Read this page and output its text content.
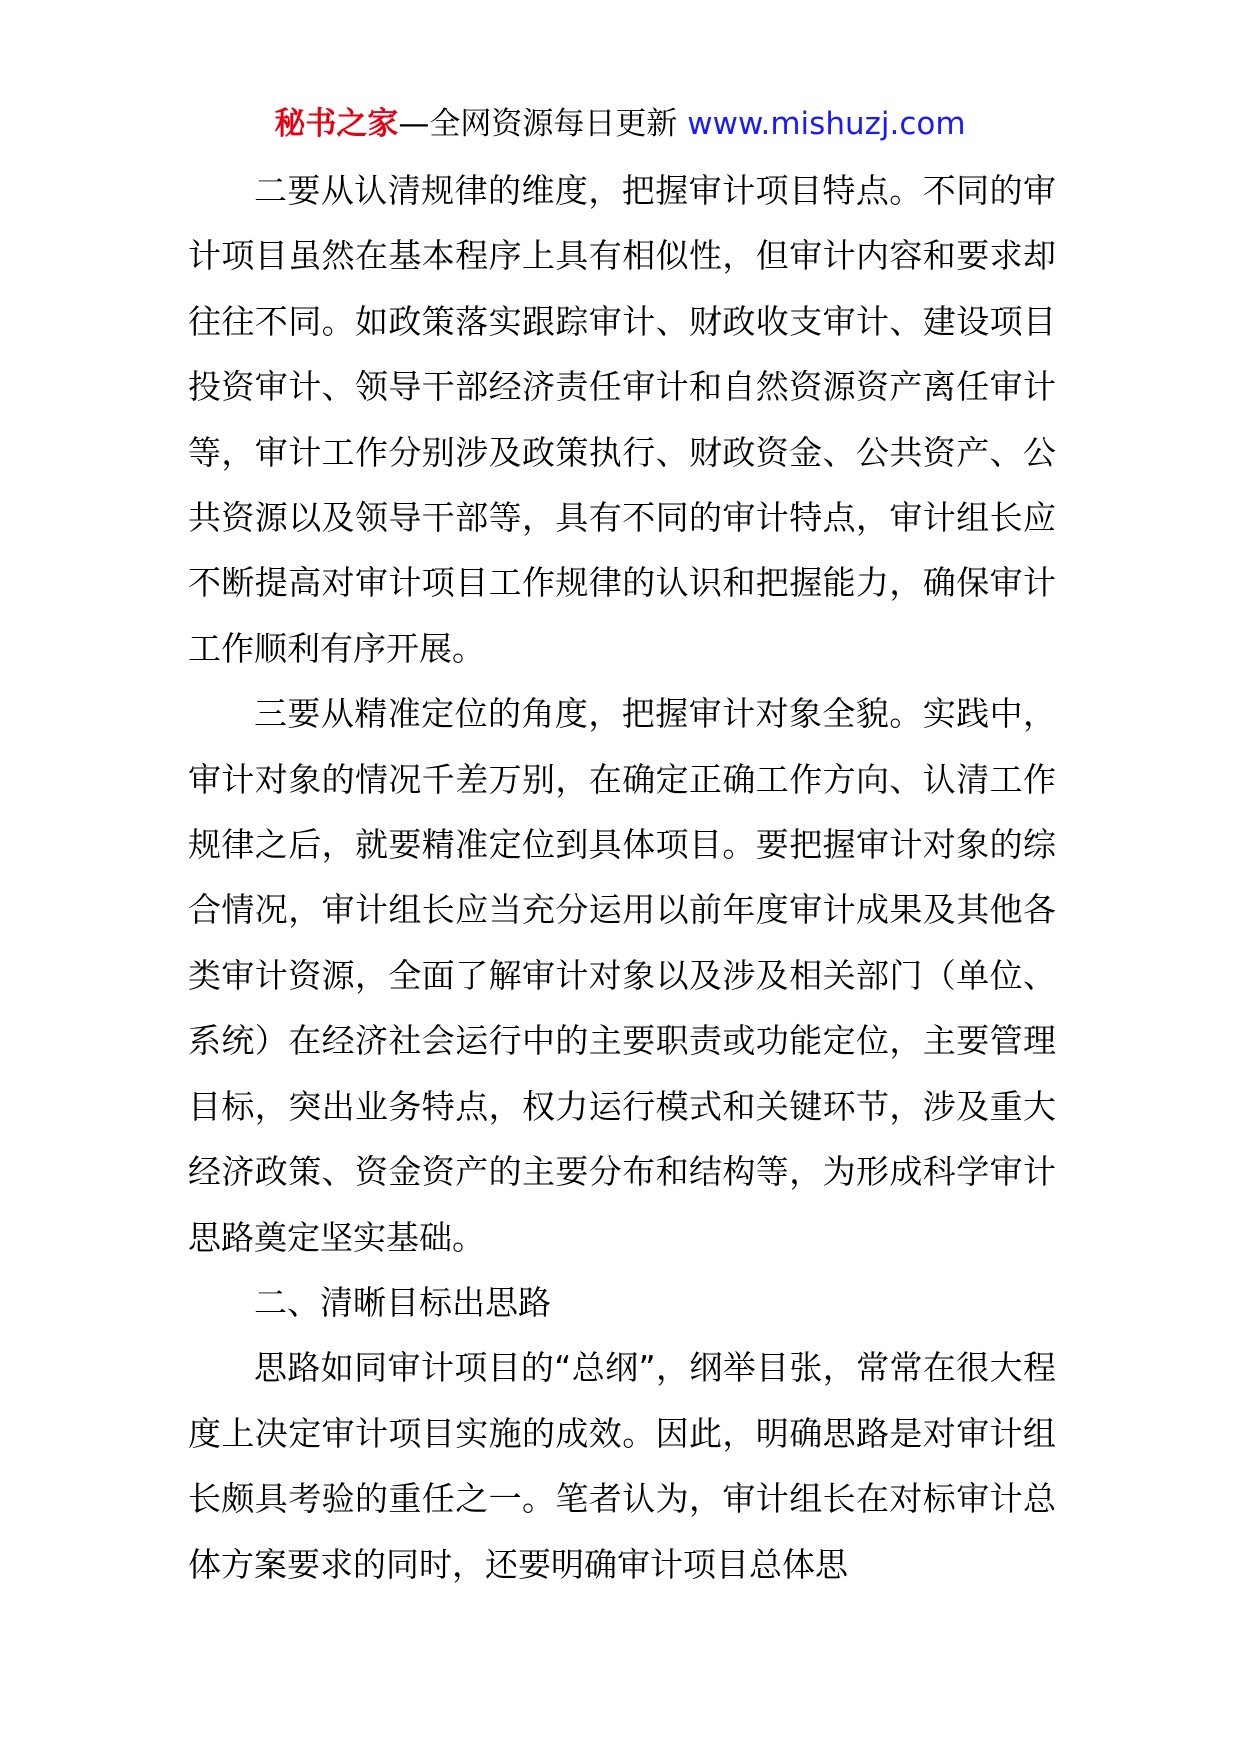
秘书之家—全网资源每日更新 www.mishuzj.com

二要从认清规律的维度，把握审计项目特点。不同的审计项目虽然在基本程序上具有相似性，但审计内容和要求却往往不同。如政策落实跟踪审计、财政收支审计、建设项目投资审计、领导干部经济责任审计和自然资源资产离任审计等，审计工作分别涉及政策执行、财政资金、公共资产、公共资源以及领导干部等，具有不同的审计特点，审计组长应不断提高对审计项目工作规律的认识和把握能力，确保审计工作顺利有序开展。

三要从精准定位的角度，把握审计对象全貌。实践中，审计对象的情况千差万别，在确定正确工作方向、认清工作规律之后，就要精准定位到具体项目。要把握审计对象的综合情况，审计组长应当充分运用以前年度审计成果及其他各类审计资源，全面了解审计对象以及涉及相关部门（单位、系统）在经济社会运行中的主要职责或功能定位，主要管理目标，突出业务特点，权力运行模式和关键环节，涉及重大经济政策、资金资产的主要分布和结构等，为形成科学审计思路奠定坚实基础。

二、清晰目标出思路

思路如同审计项目的“总纲”，纲举目张，常常在很大程度上决定审计项目实施的成效。因此，明确思路是对审计组长颇具考验的重任之一。笔者认为，审计组长在对标审计总体方案要求的同时，还要明确审计项目总体思
